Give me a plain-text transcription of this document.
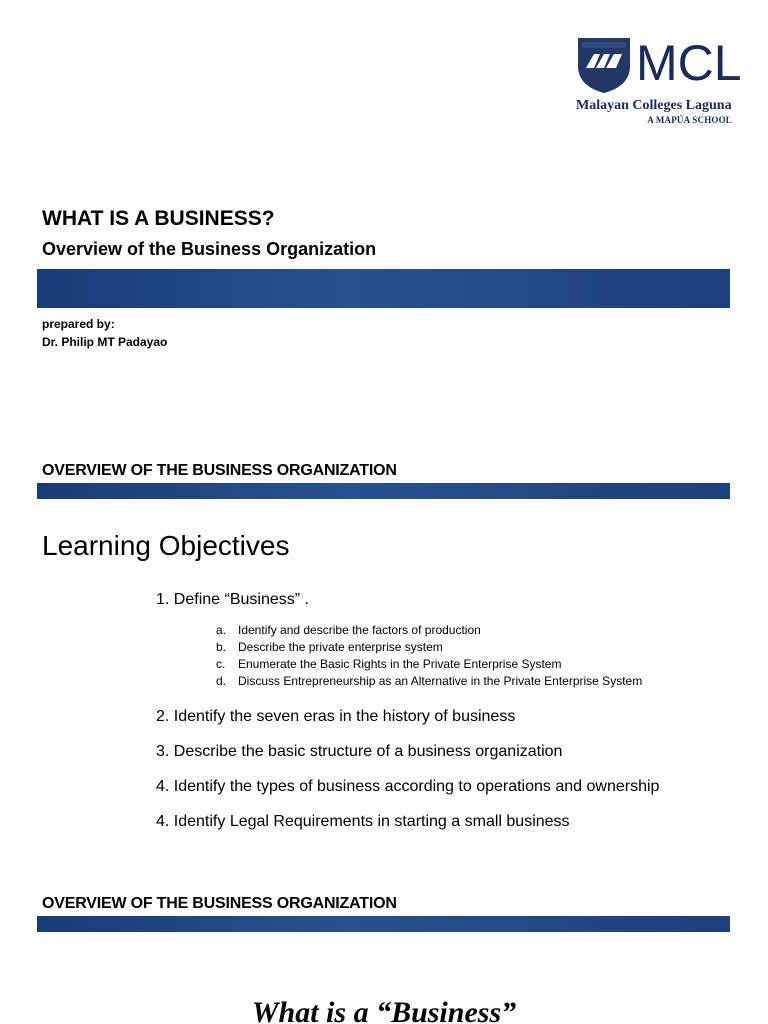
MCL
Malayan Colleges Laguna
A MAPÚA SCHOOL
WHAT IS A BUSINESS?
Overview of the Business Organization
prepared by:
Dr. Philip MT Padayao
OVERVIEW OF THE BUSINESS ORGANIZATION
Learning Objectives
1. Define “Business” .
a. Identify and describe the factors of production
b. Describe the private enterprise system
c. Enumerate the Basic Rights in the Private Enterprise System
d. Discuss Entrepreneurship as an Alternative in the Private Enterprise System
2. Identify the seven eras in the history of business
3. Describe the basic structure of a business organization
4. Identify the types of business according to operations and ownership
4. Identify Legal Requirements in starting a small business
OVERVIEW OF THE BUSINESS ORGANIZATION
What is a “Business”
